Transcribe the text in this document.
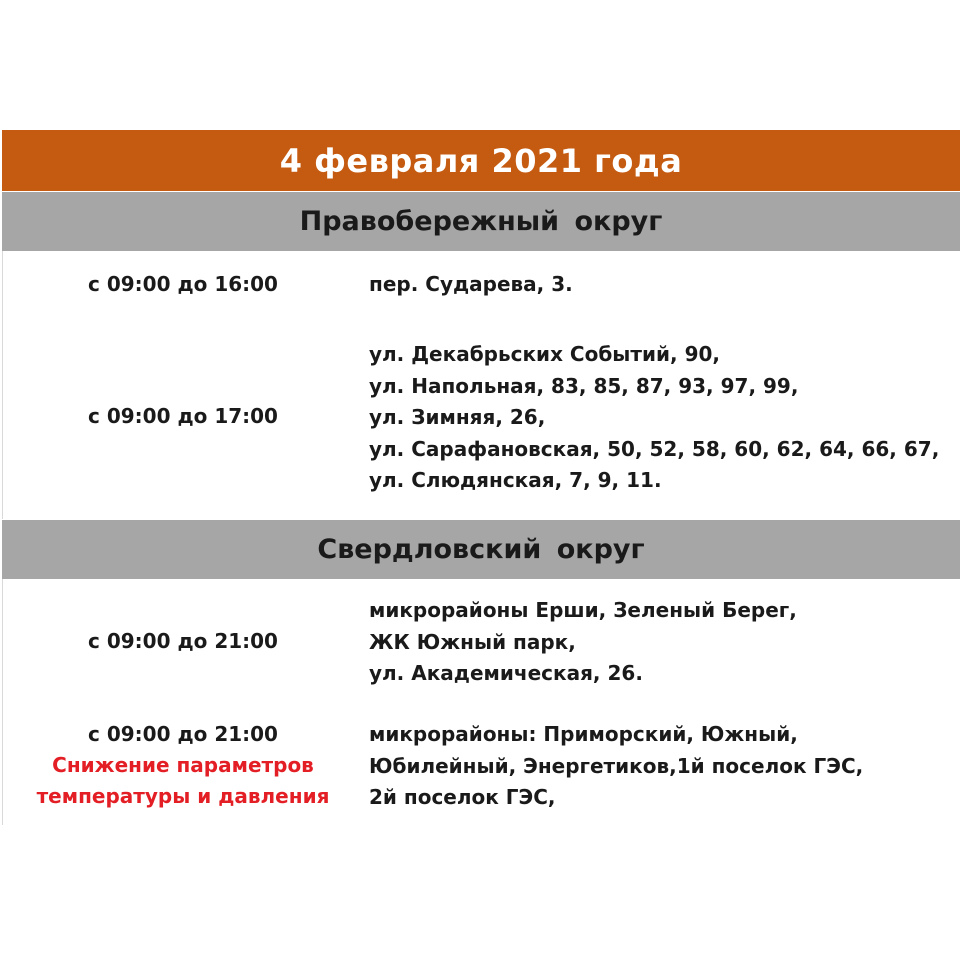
4 февраля 2021 года
Правобережный округ
с 09:00 до 16:00	пер. Сударева, 3.
с 09:00 до 17:00
ул. Декабрьских Событий, 90,
ул. Напольная, 83, 85, 87, 93, 97, 99,
ул. Зимняя, 26,
ул. Сарафановская, 50, 52, 58, 60, 62, 64, 66, 67,
ул. Слюдянская, 7, 9, 11.
Свердловский округ
с 09:00 до 21:00
микрорайоны Ерши, Зеленый Берег,
ЖК Южный парк,
ул. Академическая, 26.
с 09:00 до 21:00
Снижение параметров
температуры и давления
микрорайоны: Приморский, Южный,
Юбилейный, Энергетиков,1й поселок ГЭС,
2й поселок ГЭС,
